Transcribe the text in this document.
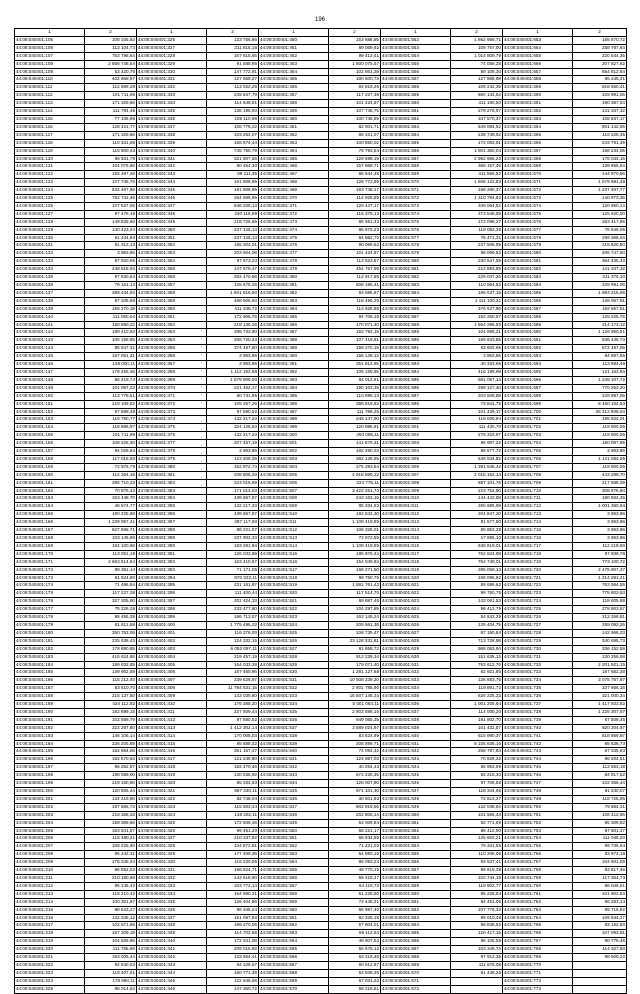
196
1	2	1	2	1	2	1	2	1	2
44:08:040401:105	108 105,82	44:08:040401:326	133 756,66	44:08:040401:450	153 688,85	44:08:040401:552	1 662 958,71	44:08:040401:653	155 870,72
44:08:040401:106	113 104,73	44:08:040401:327	211 815,16	44:08:040401:451	89 069,62	44:08:040401:553	109 757,00	44:08:040401:654	258 787,84
44:08:040401:107	753 798,64	44:08:040401:328	167 615,65	44:08:040401:452	99 413,41	44:08:040401:554	1 014 809,79	44:08:040401:655	220 544,35
44:08:040401:108	2 866 748,54	44:08:040401:329	91 588,95	44:08:040401:453	1 500 075,57	44:08:040401:555	74 058,28	44:08:040401:656	207 827,62
44:08:040401:109	53 420,76	44:08:040401:330	147 772,91	44:08:040401:454	102 861,28	44:08:040401:556	59 108,30	44:08:040401:657	854 812,64
44:08:040401:110	402 869,97	44:08:040401:331	127 658,27	44:08:040401:455	180 600,73	44:08:040401:557	127 988,98	44:08:040401:658	85 245,31
44:08:040401:111	112 899,28	44:08:040401:332	113 022,25	44:08:040401:456	94 816,26	44:08:040401:558	109 242,35	44:08:040401:659	816 650,41
44:08:040401:112	101 711,99	44:08:040401:333	239 647,79	44:08:040401:457	117 227,38	44:08:040401:559	660 134,54	44:08:040401:660	229 991,06
44:08:040401:113	171 329,56	44:08:040401:334	114 648,51	44:08:040401:458	101 424,87	44:08:040401:560	411 160,50	44:08:040401:661	190 387,54
44:08:040401:114	111 794,48	44:08:040401:335	136 195,93	44:08:040401:459	107 748,75	44:08:040401:561	279 276,97	44:08:040401:662	141 337,32
44:08:040401:115	77 106,98	44:08:040401:336	108 110,96	44:08:040401:460	100 745,59	44:08:040401:562	347 570,37	44:08:040401:663	108 637,17
44:08:040401:116	128 421,77	44:08:040401:337	108 776,22	44:08:040401:461	82 001,71	44:08:040401:563	549 084,52	44:08:040401:664	801 142,06
44:08:040401:117	171 329,56	44:08:040401:338	103 264,07	44:08:040401:462	86 421,07	44:08:040401:564	236 748,92	44:08:040401:665	116 225,45
44:08:040401:118	110 331,88	44:08:040401:339	165 674,44	44:08:040401:463	100 850,02	44:08:040401:565	172 083,91	44:08:040401:666	243 791,49
44:08:040401:119	115 800,43	44:08:040401:340	745 750,79	44:08:040401:464	76 793,54	44:08:040401:566	1 901 350,04	44:08:040401:667	156 234,05
44:08:040401:120	89 931,79	44:08:040401:341	321 907,56	44:08:040401:465	129 598,19	44:08:040401:567	2 962 966,23	44:08:040401:668	176 034,16
44:08:040401:121	104 076,86	44:08:040401:342	80 454,30	44:08:040401:466	157 968,71	44:08:040401:568	365 157,46	44:08:040401:669	139 855,54
44:08:040401:122	155 487,46	44:08:040401:343	89 111,35	44:08:040401:467	88 644,48	44:08:040401:569	411 556,52	44:08:040401:670	144 970,56
44:08:040401:123	107 745,75	44:08:040401:344	161 808,89	44:08:040401:468	128 772,59	44:08:040401:570	1 608 122,83	44:08:040401:671	1 579 681,48
44:08:040401:124	834 467,85	44:08:040401:345	181 808,89	44:08:040401:469	163 748,17	44:08:040401:571	198 280,37	44:08:040401:672	1 237 407,77
44:08:040401:125	752 742,45	44:08:040401:346	264 586,99	44:08:040401:470	114 928,85	44:08:040401:572	1 310 794,62	44:08:040401:673	140 973,36
44:08:040401:126	107 537,05	44:08:040401:347	638 209,13	44:08:040401:471	120 447,17	44:08:040401:573	349 064,52	44:08:040401:674	120 950,14
44:08:040401:127	97 476,16	44:08:040401:348	230 116,89	44:08:040401:472	115 376,13	44:08:040401:574	373 548,59	44:08:040401:675	125 620,00
44:08:040401:128	149 825,50	44:08:040401:349	218 726,59	44:08:040401:473	96 551,43	44:08:040401:575	172 098,27	44:08:040401:676	263 417,86
44:08:040401:129	140 423,24	44:08:040401:350	237 426,13	44:08:040401:474	95 875,23	44:08:040401:576	118 083,36	44:08:040401:677	78 645,06
44:08:040401:130	61 434,83	44:08:040401:351	237 426,13	44:08:040401:475	84 882,70	44:08:040401:577	78 471,31	44:08:040401:678	299 368,04
44:08:040401:131	81 312,13	44:08:040401:352	155 304,01	44:08:040401:476	80 069,62	44:08:040401:578	237 508,99	44:08:040401:679	215 820,80
44:08:040401:132	3 963,86	44:08:040401:353	203 604,08	44:08:040401:477	101 424,87	44:08:040401:579	89 099,82	44:08:040401:680	206 747,60
44:08:040401:133	87 920,55	44:08:040401:354	97 673,23	44:08:040401:478	113 822,87	44:08:040401:580	230 547,59	44:08:040401:681	364 435,43
44:08:040401:134	248 618,93	44:08:040401:355	147 679,47	44:08:040401:479	454 767,99	44:08:040401:581	212 893,89	44:08:040401:682	141 337,32
44:08:040401:135	97 530,84	44:08:040401:356	282 470,66	44:08:040401:480	112 917,85	44:08:040401:582	229 037,26	44:08:040401:683	311 376,10
44:08:040401:136	79 161,13	44:08:040401:357	105 675,25	44:08:040401:481	608 195,41	44:08:040401:583	110 654,82	44:08:040401:684	229 991,06
44:08:040401:137	389 434,83	44:08:040401:358	1 601 616,60	44:08:040401:482	93 686,97	44:08:040401:584	186 537,18	44:08:040401:685	1 983 215,95
44:08:040401:138	87 345,59	44:08:040401:359	498 506,63	44:08:040401:483	118 496,29	44:08:040401:585	1 111 100,31	44:08:040401:686	149 067,91
44:08:040401:139	155 270,18	44:08:040401:360	411 238,72	44:08:040401:484	113 928,88	44:08:040401:586	376 527,96	44:08:040401:687	192 567,51
44:08:040401:140	111 060,04	44:08:040401:361	172 906,75	44:08:040401:485	94 706,19	44:08:040401:587	182 250,57	44:08:040401:688	125 225,75
44:08:040401:141	180 890,22	44:08:040401:362	218 135,26	44:08:040401:486	170 071,40	44:08:040401:588	1 654 298,93	44:08:040401:689	214 173,12
44:08:040401:142	188 410,92	44:08:040401:363	298 733,90	44:08:040401:487	162 792,18	44:08:040401:589	104 695,21	44:08:040401:690	1 126 950,51
44:08:040401:143	105 159,95	44:08:040401:364	258 720,43	44:08:040401:488	107 418,61	44:08:040401:590	169 633,85	44:08:040401:691	536 445,73
44:08:040401:144	85 647,31	44:08:040401:365	374 457,60	44:08:040401:489	158 270,18	44:08:040401:591	63 602,95	44:08:040401:692	572 487,06
44:08:040401:145	157 061,31	44:08:040401:366	3 963,86	44:08:040401:490	166 136,12	44:08:040401:592	3 963,86	44:08:040401:693	84 697,86
44:08:040401:146	129 000,11	44:08:040401:367	3 963,86	44:08:040401:491	361 812,95	44:08:040401:593	40 333,86	44:08:040401:694	113 694,49
44:08:040401:147	178 465,46	44:08:040401:368	1 112 162,68	44:08:040401:492	105 159,95	44:08:040401:594	416 199,98	44:08:040401:695	131 163,94
44:08:040401:148	86 419,74	44:08:040401:369	1 579 809,00	44:08:040401:493	94 012,81	44:08:040401:595	661 097,14	44:08:040401:696	1 249 107,72
44:08:040401:149	101 087,23	44:08:040401:370	221 452,17	44:08:040401:494	190 102,38	44:08:040401:596	299 127,40	44:08:040401:697	770 263,20
44:08:040401:150	113 779,51	44:08:040401:371	80 731,95	44:08:040401:495	110 699,13	44:08:040401:597	203 508,88	44:08:040401:698	229 997,06
44:08:040401:151	218 109,52	44:08:040401:372	105 267,26	44:08:040401:496	388 818,63	44:08:040401:598	73 841,75	44:08:040401:699	8 460 154,63
44:08:040401:152	97 689,48	44:08:040401:373	97 590,52	44:08:040401:497	111 768,26	44:08:040401:599	101 439,17	44:08:040401:700	26 312 606,04
44:08:040401:153	115 790,77	44:08:040401:374	132 217,23	44:08:040401:498	248 147,90	44:08:040401:600	116 006,84	44:08:040401:701	185 924,01
44:08:040401:154	118 886,97	44:08:040401:375	324 126,53	44:08:040401:499	120 986,91	44:08:040401:601	111 430,70	44:08:040401:702	119 900,55
44:08:040401:155	101 711,99	44:08:040401:376	132 217,23	44:08:040401:500	293 096,11	44:08:040401:602	279 323,97	44:08:040401:703	119 900,55
44:08:040401:156	108 225,30	44:08:040401:377	207 457,19	44:08:040401:501	141 676,31	44:08:040401:603	96 987,22	44:08:040401:704	180 067,95
44:08:040401:157	94 028,94	44:08:040401:378	3 963,86	44:08:040401:502	182 290,03	44:08:040401:604	88 677,72	44:08:040401:705	3 963,86
44:08:040401:158	117 018,50	44:08:040401:379	123 406,35	44:08:040401:503	382 135,55	44:08:040401:605	539 634,82	44:08:040401:706	1 121 054,55
44:08:040401:159	72 975,79	44:08:040401:380	162 872,74	44:08:040401:504	275 293,54	44:08:040401:606	1 381 548,42	44:08:040401:707	119 900,55
44:08:040401:160	114 354,16	44:08:040401:381	208 806,33	44:08:040401:505	4 918 899,22	44:08:040401:607	2 015 152,14	44:08:040401:708	443 299,70
44:08:040401:161	296 710,23	44:08:040401:382	223 016,59	44:08:040401:506	224 776,11	44:08:040401:608	697 101,76	44:08:040401:709	217 688,09
44:08:040401:162	70 875,32	44:08:040401:383	171 014,03	44:08:040401:507	3 422 251,73	44:08:040401:609	223 754,80	44:08:040401:710	308 576,94
44:08:040401:163	153 448,70	44:08:040401:384	438 867,87	44:08:040401:508	243 163,16	44:08:040401:610	144 442,88	44:08:040401:711	180 602,45
44:08:040401:164	46 574,77	44:08:040401:385	132 217,23	44:08:040401:509	85 334,63	44:08:040401:611	260 685,69	44:08:040401:712	1 001 390,94
44:08:040401:165	190 225,68	44:08:040401:386	438 867,87	44:08:040401:510	182 842,30	44:08:040401:612	204 847,20	44:08:040401:713	3 963,86
44:08:040401:166	1 239 957,41	44:08:040401:387	297 117,60	44:08:040401:511	1 108 419,85	44:08:040401:613	91 577,80	44:08:040401:714	3 963,86
44:08:040401:167	627 665,71	44:08:040401:388	88 221,07	44:08:040401:512	108 328,01	44:08:040401:614	80 853,28	44:08:040401:715	3 963,86
44:08:040401:168	103 146,69	44:08:040401:389	237 903,33	44:08:040401:513	73 972,55	44:08:040401:615	17 695,10	44:08:040401:716	3 963,86
44:08:040401:169	154 100,66	44:08:040401:390	183 291,94	44:08:040401:514	1 108 419,85	44:08:040401:616	636 619,01	44:08:040401:717	112 218,90
44:08:040401:170	113 051,19	44:08:040401:391	126 033,89	44:08:040401:515	185 976,44	44:08:040401:617	762 524,98	44:08:040401:718	97 839,78
44:08:040401:171	2 663 514,64	44:08:040401:392	163 410,57	44:08:040401:516	154 049,84	44:08:040401:618	754 749,01	44:08:040401:719	773 100,72
44:08:040401:172	89 381,14	44:08:040401:393	71 171,05	44:08:040401:517	166 271,50	44:08:040401:619	296 069,13	44:08:040401:720	2 475 907,47
44:08:040401:173	81 524,80	44:08:040401:394	870 323,11	44:08:040401:518	99 750,75	44:08:040401:620	106 096,92	44:08:040401:721	1 214 281,21
44:08:040401:174	71 496,94	44:08:040401:395	231 161,87	44:08:040401:519	1 891 761,43	44:08:040401:621	89 699,62	44:08:040401:722	763 564,55
44:08:040401:175	117 227,38	44:08:040401:396	111 400,44	44:08:040401:520	117 514,70	44:08:040401:622	99 750,75	44:08:040401:723	775 803,53
44:08:040401:176	327 305,90	44:08:040401:397	202 424,33	44:08:040401:521	69 887,46	44:08:040401:623	143 061,53	44:08:040401:724	118 605,88
44:08:040401:177	75 226,28	44:08:040401:398	233 477,60	44:08:040401:522	104 297,89	44:08:040401:624	96 413,79	44:08:040401:725	278 903,57
44:08:040401:178	86 456,39	44:08:040401:399	166 713,57	44:08:040401:523	163 145,24	44:08:040401:625	54 842,29	44:08:040401:726	212 258,81
44:08:040401:179	61 812,88	44:08:040401:400	1 775 495,32	44:08:040401:524	209 561,38	44:08:040401:626	126 404,75	44:08:040401:727	289 092,26
44:08:040401:180	350 753,06	44:08:040401:401	116 376,00	44:08:040401:525	108 735,47	44:08:040401:627	87 190,84	44:08:040401:728	142 968,23
44:08:040401:181	225 638,43	44:08:040401:402	124 332,15	44:08:040401:526	23 128 332,81	44:08:040401:628	713 728,98	44:08:040401:729	340 695,73
44:08:040401:182	178 890,85	44:08:040401:403	6 092 097,11	44:08:040401:527	91 658,72	44:08:040401:629	968 063,94	44:08:040401:730	336 152,59
44:08:040401:183	416 624,66	44:08:040401:404	219 457,19	44:08:040401:528	912 239,34	44:08:040401:630	151 635,13	44:08:040401:731	130 256,58
44:08:040401:184	189 832,85	44:08:040401:405	164 033,28	44:08:040401:529	179 071,40	44:08:040401:631	763 612,76	44:08:040401:732	2 201 921,15
44:08:040401:185	149 962,59	44:08:040401:406	167 460,96	44:08:040401:530	1 281 127,68	44:08:040401:632	62 921,85	44:08:040401:733	187 662,28
44:08:040401:186	115 212,40	44:08:040401:407	239 626,97	44:08:040401:531	10 508 339,20	44:08:040401:633	126 883,75	44:08:040401:734	3 075 757,87
44:08:040401:187	83 610,70	44:08:040401:408	11 784 531,15	44:08:040401:532	2 601 785,90	44:08:040401:634	119 891,72	44:08:040401:735	327 666,16
44:08:040401:188	215 137,50	44:08:040401:409	143 035,60	44:08:040401:533	16 507 148,34	44:08:040401:635	626 225,23	44:08:040401:736	321 000,34
44:08:040401:189	434 112,82	44:08:040401:410	176 388,20	44:08:040401:534	5 001 084,11	44:08:040401:636	1 001 205,64	44:08:040401:737	1 417 933,82
44:08:040401:190	182 699,15	44:08:040401:411	227 509,44	44:08:040401:535	2 803 596,16	44:08:040401:637	114 005,20	44:08:040401:738	1 225 307,07
44:08:040401:191	102 558,79	44:08:040401:412	97 590,52	44:08:040401:536	949 055,35	44:08:040401:638	191 802,70	44:08:040401:739	67 508,45
44:08:040401:192	222 287,80	44:08:040401:413	1 412 302,14	44:08:040401:537	3 589 024,97	44:08:040401:639	101 432,57	44:08:040401:740	920 204,87
44:08:040401:193	146 106,14	44:08:040401:414	170 008,03	44:08:040401:538	83 624,89	44:08:040401:640	615 990,37	44:08:040401:741	618 869,87
44:08:040401:194	226 205,89	44:08:040401:415	95 588,32	44:08:040401:539	208 896,71	44:08:040401:641	8 105 636,15	44:08:040401:742	85 638,73
44:08:040401:195	154 954,06	44:08:040401:416	361 157,47	44:08:040401:540	74 094,32	44:08:040401:642	258 787,84	44:08:040401:743	67 345,63
44:08:040401:196	192 570,63	44:08:040401:417	121 249,80	44:08:040401:541	124 987,03	44:08:040401:643	70 829,32	44:08:040401:744	98 204,51
44:08:040401:197	96 252,87	44:08:040401:418	182 470,46	44:08:040401:542	40 264,43	44:08:040401:644	55 953,59	44:08:040401:745	112 553,18
44:08:040401:198	198 059,00	44:08:040401:419	130 536,92	44:08:040401:543	672 225,35	44:08:040401:645	84 215,30	44:08:040401:746	84 917,62
44:08:040401:199	219 160,80	44:08:040401:420	85 334,63	44:08:040401:544	128 007,80	44:08:040401:646	97 706,58	44:08:040401:747	102 366,44
44:08:040401:200	120 805,44	44:08:040401:421	687 340,11	44:08:040401:545	971 101,40	44:08:040401:647	118 344,66	44:08:040401:748	91 230,07
44:08:040401:201	134 219,90	44:08:040401:422	82 748,04	44:08:040401:546	30 601,83	44:08:040401:648	72 613,27	44:08:040401:749	118 725,95
44:08:040401:202	197 685,73	44:08:040401:423	115 503,44	44:08:040401:547	902 919,56	44:08:040401:649	132 048,84	44:08:040401:750	79 884,31
44:08:040401:203	218 358,33	44:08:040401:424	148 302,11	44:08:040401:548	202 805,14	44:08:040401:650	101 556,43	44:08:040401:751	106 412,66
44:08:040401:204	159 389,56	44:08:040401:425	172 609,45	44:08:040401:549	54 009,84	44:08:040401:651	92 771,69	44:08:040401:752	95 309,82
44:08:040401:205	183 841,67	44:08:040401:426	99 451,20	44:08:040401:550	56 221,17	44:08:040401:652	88 412,90	44:08:040401:753	87 601,37
44:08:040401:206	116 480,21	44:08:040401:427	210 337,82	44:08:040401:551	68 834,55	44:08:040401:653	125 663,21	44:08:040401:754	111 048,20
44:08:040401:207	108 225,30	44:08:040401:428	134 872,61	44:08:040401:552	71 221,03	44:08:040401:654	79 341,55	44:08:040401:755	99 735,54
44:08:040401:208	95 442,31	44:08:040401:429	177 409,35	44:08:040401:553	54 980,16	44:08:040401:655	110 208,06	44:08:040401:756	83 972,18
44:08:040401:209	176 345,34	44:08:040401:430	118 230,55	44:08:040401:554	66 093,24	44:08:040401:656	93 537,41	44:08:040401:757	104 601,09
44:08:040401:210	86 652,02	44:08:040401:431	196 524,71	44:08:040401:555	48 770,15	44:08:040401:657	86 619,38	44:08:040401:758	92 817,46
44:08:040401:211	210 180,68	44:08:040401:432	142 618,90	44:08:040401:556	59 318,47	44:08:040401:658	102 744,19	44:08:040401:759	117 354,73
44:08:040401:212	95 145,42	44:08:040401:433	103 772,14	44:08:040401:557	64 119,73	44:08:040401:659	118 902,77	44:08:040401:760	88 046,51
44:08:040401:213	118 210,42	44:08:040401:434	164 990,31	44:08:040401:558	51 228,90	44:08:040401:660	95 228,64	44:08:040401:761	101 902,63
44:08:040401:214	100 301,87	44:08:040401:435	126 404,86	44:08:040401:559	72 446,31	44:08:040401:661	84 451,05	44:08:040401:762	96 283,14
44:08:040401:215	88 543,27	44:08:040401:436	98 345,24	44:08:040401:560	58 997,40	44:08:040401:662	107 776,33	44:08:040401:763	85 716,92
44:08:040401:216	142 345,12	44:08:040401:437	151 067,93	44:08:040401:561	62 335,18	44:08:040401:663	99 010,48	44:08:040401:764	109 544,27
44:08:040401:217	102 671,55	44:08:040401:438	189 270,05	44:08:040401:562	57 804,01	44:08:040401:664	89 836,92	44:08:040401:765	93 162,50
44:08:040401:218	167 209,18	44:08:040401:439	114 702,66	44:08:040401:563	69 112,64	44:08:040401:665	120 417,16	44:08:040401:766	107 093,81
44:08:040401:219	104 528,96	44:08:040401:440	172 341,08	44:08:040401:564	49 907,53	44:08:040401:666	96 105,58	44:08:040401:767	90 775,46
44:08:040401:220	111 765,90	44:08:040401:441	209 015,92	44:08:040401:565	55 675,12	44:08:040401:667	103 349,74	44:08:040401:768	114 327,60
44:08:040401:221	183 005,44	44:08:040401:442	133 554,41	44:08:040401:566	63 218,48	44:08:040401:668	87 912,35	44:08:040401:769	98 509,22
44:08:040401:222	92 640,03	44:08:040401:443	94 228,57	44:08:040401:567	60 512,97	44:08:040401:669	111 675,08	44:08:040401:770	
44:08:040401:223	119 407,51	44:08:040401:444	160 771,39	44:08:040401:568	52 849,36	44:08:040401:670	91 448,26	44:08:040401:771	
44:08:040401:224	178 880,11	44:08:040401:445	122 845,06	44:08:040401:569	67 031,22	44:08:040401:671		44:08:040401:772	
44:08:040401:225	98 014,52	44:08:040401:446	147 360,72	44:08:040401:570	58 216,51	44:08:040401:672		44:08:040401:773	
